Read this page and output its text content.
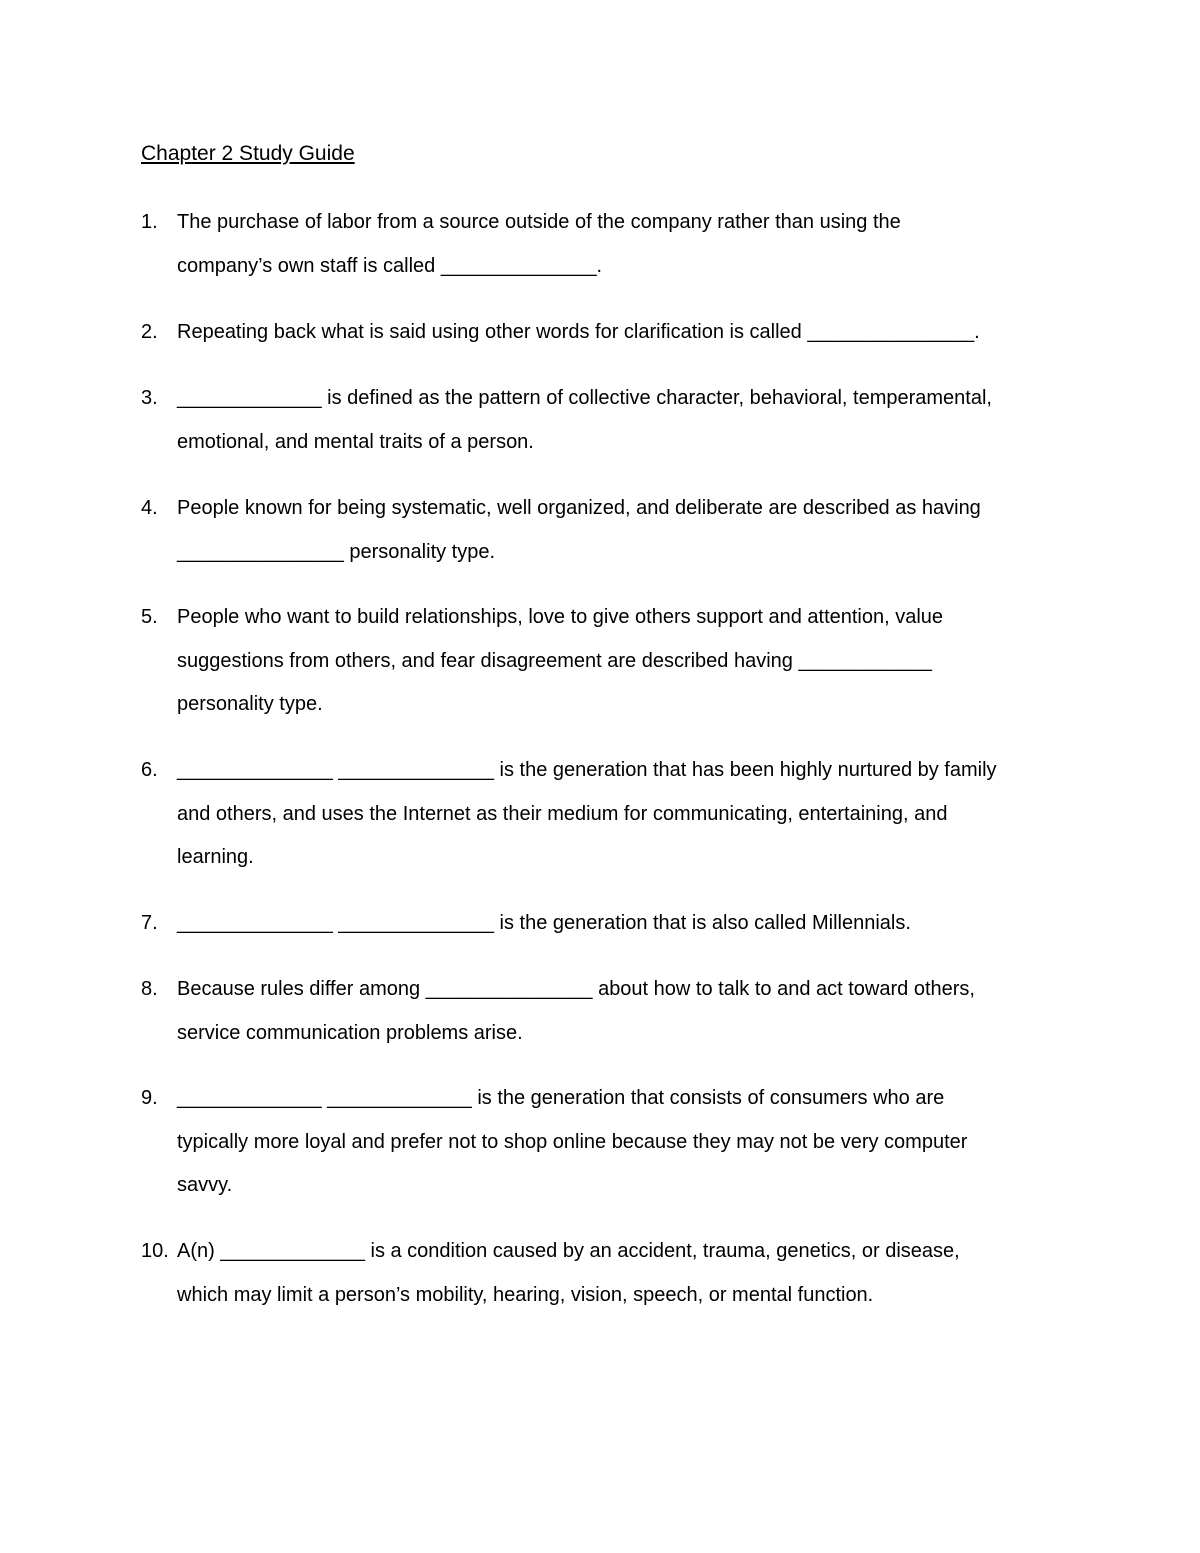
Chapter 2 Study Guide
1. The purchase of labor from a source outside of the company rather than using the
company’s own staff is called ______________.
2. Repeating back what is said using other words for clarification is called _______________.
3. _____________ is defined as the pattern of collective character, behavioral, temperamental,
emotional, and mental traits of a person.
4. People known for being systematic, well organized, and deliberate are described as having
_______________ personality type.
5. People who want to build relationships, love to give others support and attention, value
suggestions from others, and fear disagreement are described having ____________
personality type.
6. ______________ ______________ is the generation that has been highly nurtured by family
and others, and uses the Internet as their medium for communicating, entertaining, and
learning.
7. ______________ ______________ is the generation that is also called Millennials.
8. Because rules differ among _______________ about how to talk to and act toward others,
service communication problems arise.
9. _____________ _____________ is the generation that consists of consumers who are
typically more loyal and prefer not to shop online because they may not be very computer
savvy.
10. A(n) _____________ is a condition caused by an accident, trauma, genetics, or disease,
which may limit a person’s mobility, hearing, vision, speech, or mental function.
